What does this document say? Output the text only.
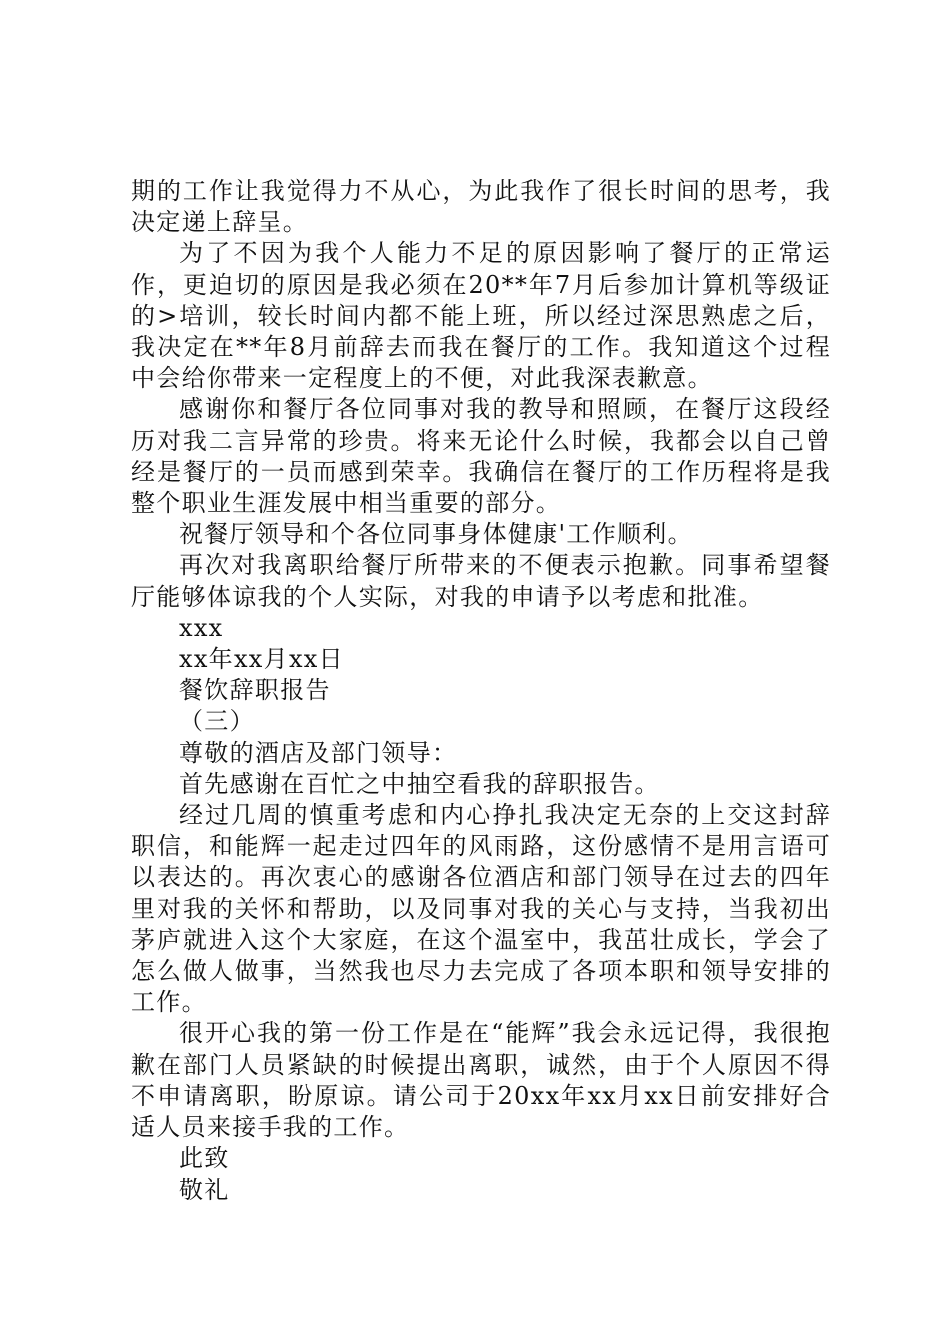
期的工作让我觉得力不从心，为此我作了很长时间的思考，我决定递上辞呈。

为了不因为我个人能力不足的原因影响了餐厅的正常运作，更迫切的原因是我必须在20**年7月后参加计算机等级证的>培训，较长时间内都不能上班，所以经过深思熟虑之后，我决定在**年8月前辞去而我在餐厅的工作。我知道这个过程中会给你带来一定程度上的不便，对此我深表歉意。

感谢你和餐厅各位同事对我的教导和照顾，在餐厅这段经历对我二言异常的珍贵。将来无论什么时候，我都会以自己曾经是餐厅的一员而感到荣幸。我确信在餐厅的工作历程将是我整个职业生涯发展中相当重要的部分。

祝餐厅领导和个各位同事身体健康'工作顺利。

再次对我离职给餐厅所带来的不便表示抱歉。同事希望餐厅能够体谅我的个人实际，对我的申请予以考虑和批准。

xxx

xx年xx月xx日

餐饮辞职报告

（三）

尊敬的酒店及部门领导：

首先感谢在百忙之中抽空看我的辞职报告。

经过几周的慎重考虑和内心挣扎我决定无奈的上交这封辞职信，和能辉一起走过四年的风雨路，这份感情不是用言语可以表达的。再次衷心的感谢各位酒店和部门领导在过去的四年里对我的关怀和帮助，以及同事对我的关心与支持，当我初出茅庐就进入这个大家庭，在这个温室中，我茁壮成长，学会了怎么做人做事，当然我也尽力去完成了各项本职和领导安排的工作。

很开心我的第一份工作是在“能辉”我会永远记得，我很抱歉在部门人员紧缺的时候提出离职，诚然，由于个人原因不得不申请离职，盼原谅。请公司于20xx年xx月xx日前安排好合适人员来接手我的工作。

此致

敬礼
